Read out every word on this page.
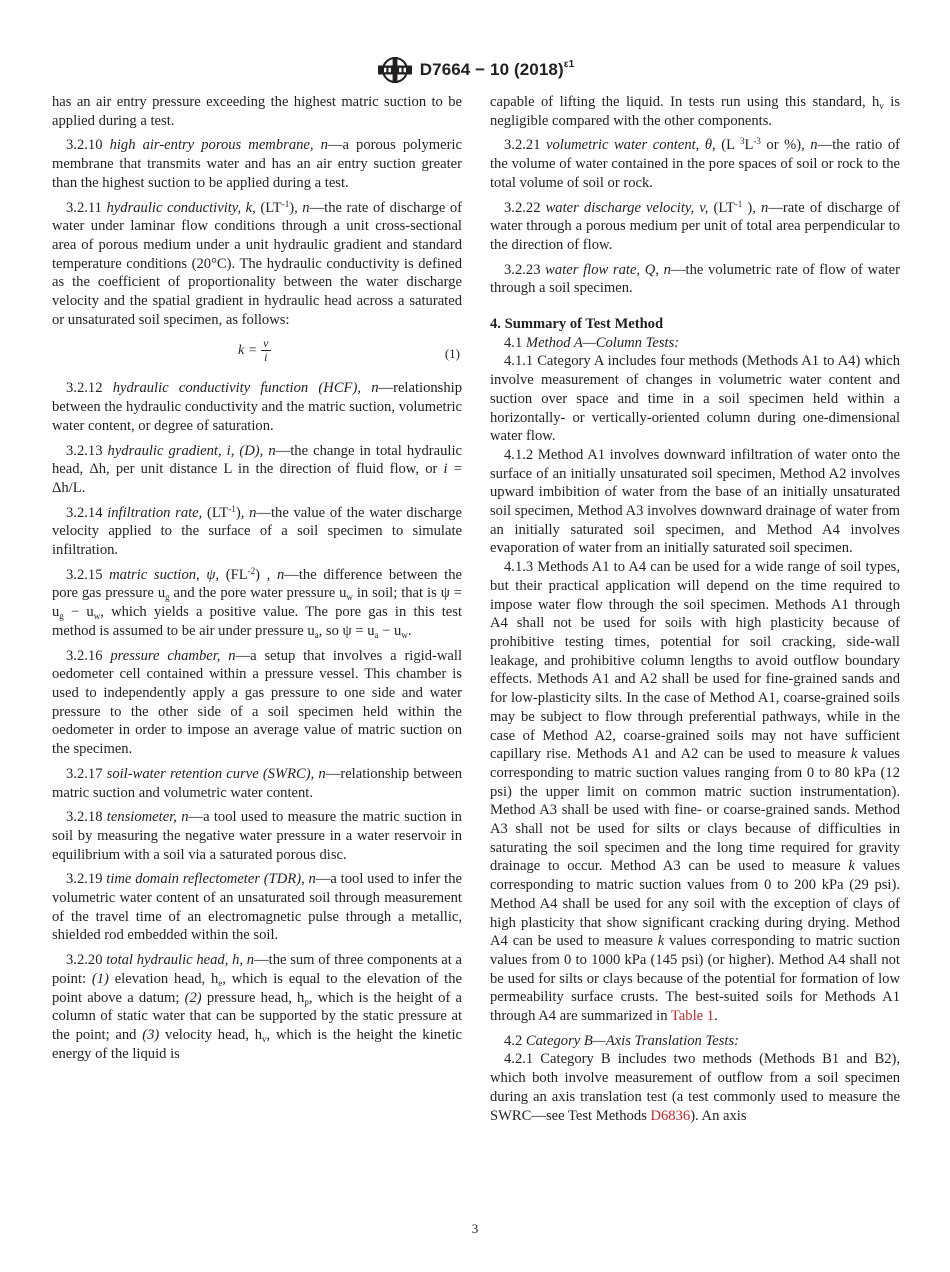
D7664 − 10 $(2018)^{\varepsilon 1}$

has an air entry pressure exceeding the highest matric suction to be applied during a test.

3.2.10 high air-entry porous membrane, n—a porous polymeric membrane that transmits water and has an air entry suction greater than the highest suction to be applied during a test.

3.2.11 hydraulic conductivity, k, $(LT^{-1})$, n—the rate of discharge of water under laminar flow conditions through a unit cross-sectional area of porous medium under a unit hydraulic gradient and standard temperature conditions (20°C). The hydraulic conductivity is defined as the coefficient of proportionality between the water discharge velocity and the spatial gradient in hydraulic head across a saturated or unsaturated soil specimen, as follows:

$k = \frac{v}{i}$	(1)

3.2.12 hydraulic conductivity function (HCF), n—relationship between the hydraulic conductivity and the matric suction, volumetric water content, or degree of saturation.

3.2.13 hydraulic gradient, i, (D), n—the change in total hydraulic head, Δh, per unit distance L in the direction of fluid flow, or i = Δh/L.

3.2.14 infiltration rate, $(LT^{-1})$, n—the value of the water discharge velocity applied to the surface of a soil specimen to simulate infiltration.

3.2.15 matric suction, ψ, $(FL^{-2})$ , n—the difference between the pore gas pressure $u_g$ and the pore water pressure $u_w$ in soil; that is $\psi = u_g - u_w$, which yields a positive value. The pore gas in this test method is assumed to be air under pressure $u_a$, so $\psi = u_a - u_w$.

3.2.16 pressure chamber, n—a setup that involves a rigid-wall oedometer cell contained within a pressure vessel. This chamber is used to independently apply a gas pressure to one side and water pressure to the other side of a soil specimen held within the oedometer in order to impose an average value of matric suction on the specimen.

3.2.17 soil-water retention curve (SWRC), n—relationship between matric suction and volumetric water content.

3.2.18 tensiometer, n—a tool used to measure the matric suction in soil by measuring the negative water pressure in a water reservoir in equilibrium with a soil via a saturated porous disc.

3.2.19 time domain reflectometer (TDR), n—a tool used to infer the volumetric water content of an unsaturated soil through measurement of the travel time of an electromagnetic pulse through a metallic, shielded rod embedded within the soil.

3.2.20 total hydraulic head, h, n—the sum of three components at a point: (1) elevation head, $h_e$, which is equal to the elevation of the point above a datum; (2) pressure head, $h_p$, which is the height of a column of static water that can be supported by the static pressure at the point; and (3) velocity head, $h_v$, which is the height the kinetic energy of the liquid is

capable of lifting the liquid. In tests run using this standard, $h_v$ is negligible compared with the other components.

3.2.21 volumetric water content, θ, (L $^3L^{-3}$ or %), n—the ratio of the volume of water contained in the pore spaces of soil or rock to the total volume of soil or rock.

3.2.22 water discharge velocity, v, ($LT^{-1}$ ), n—rate of discharge of water through a porous medium per unit of total area perpendicular to the direction of flow.

3.2.23 water flow rate, Q, n—the volumetric rate of flow of water through a soil specimen.

4. Summary of Test Method

4.1 Method A—Column Tests:

4.1.1 Category A includes four methods (Methods A1 to A4) which involve measurement of changes in volumetric water content and suction over space and time in a soil specimen held within a horizontally- or vertically-oriented column during one-dimensional water flow.

4.1.2 Method A1 involves downward infiltration of water onto the surface of an initially unsaturated soil specimen, Method A2 involves upward imbibition of water from the base of an initially unsaturated soil specimen, Method A3 involves downward drainage of water from an initially saturated soil specimen, and Method A4 involves evaporation of water from an initially saturated soil specimen.

4.1.3 Methods A1 to A4 can be used for a wide range of soil types, but their practical application will depend on the time required to impose water flow through the soil specimen. Methods A1 through A4 shall not be used for soils with high plasticity because of prohibitive testing times, potential for soil cracking, side-wall leakage, and prohibitive column lengths to avoid outflow boundary effects. Methods A1 and A2 shall be used for fine-grained sands and for low-plasticity silts. In the case of Method A1, coarse-grained soils may be subject to flow through preferential pathways, while in the case of Method A2, coarse-grained soils may not have sufficient capillary rise. Methods A1 and A2 can be used to measure k values corresponding to matric suction values ranging from 0 to 80 kPa (12 psi) the upper limit on common matric suction instrumentation). Method A3 shall be used with fine- or coarse-grained sands. Method A3 shall not be used for silts or clays because of difficulties in saturating the soil specimen and the long time required for gravity drainage to occur. Method A3 can be used to measure k values corresponding to matric suction values from 0 to 200 kPa (29 psi). Method A4 shall be used for any soil with the exception of clays of high plasticity that show significant cracking during drying. Method A4 can be used to measure k values corresponding to matric suction values from 0 to 1000 kPa (145 psi) (or higher). Method A4 shall not be used for silts or clays because of the potential for formation of low permeability surface crusts. The best-suited soils for Methods A1 through A4 are summarized in Table 1.

4.2 Category B—Axis Translation Tests:

4.2.1 Category B includes two methods (Methods B1 and B2), which both involve measurement of outflow from a soil specimen during an axis translation test (a test commonly used to measure the SWRC—see Test Methods D6836). An axis

3
